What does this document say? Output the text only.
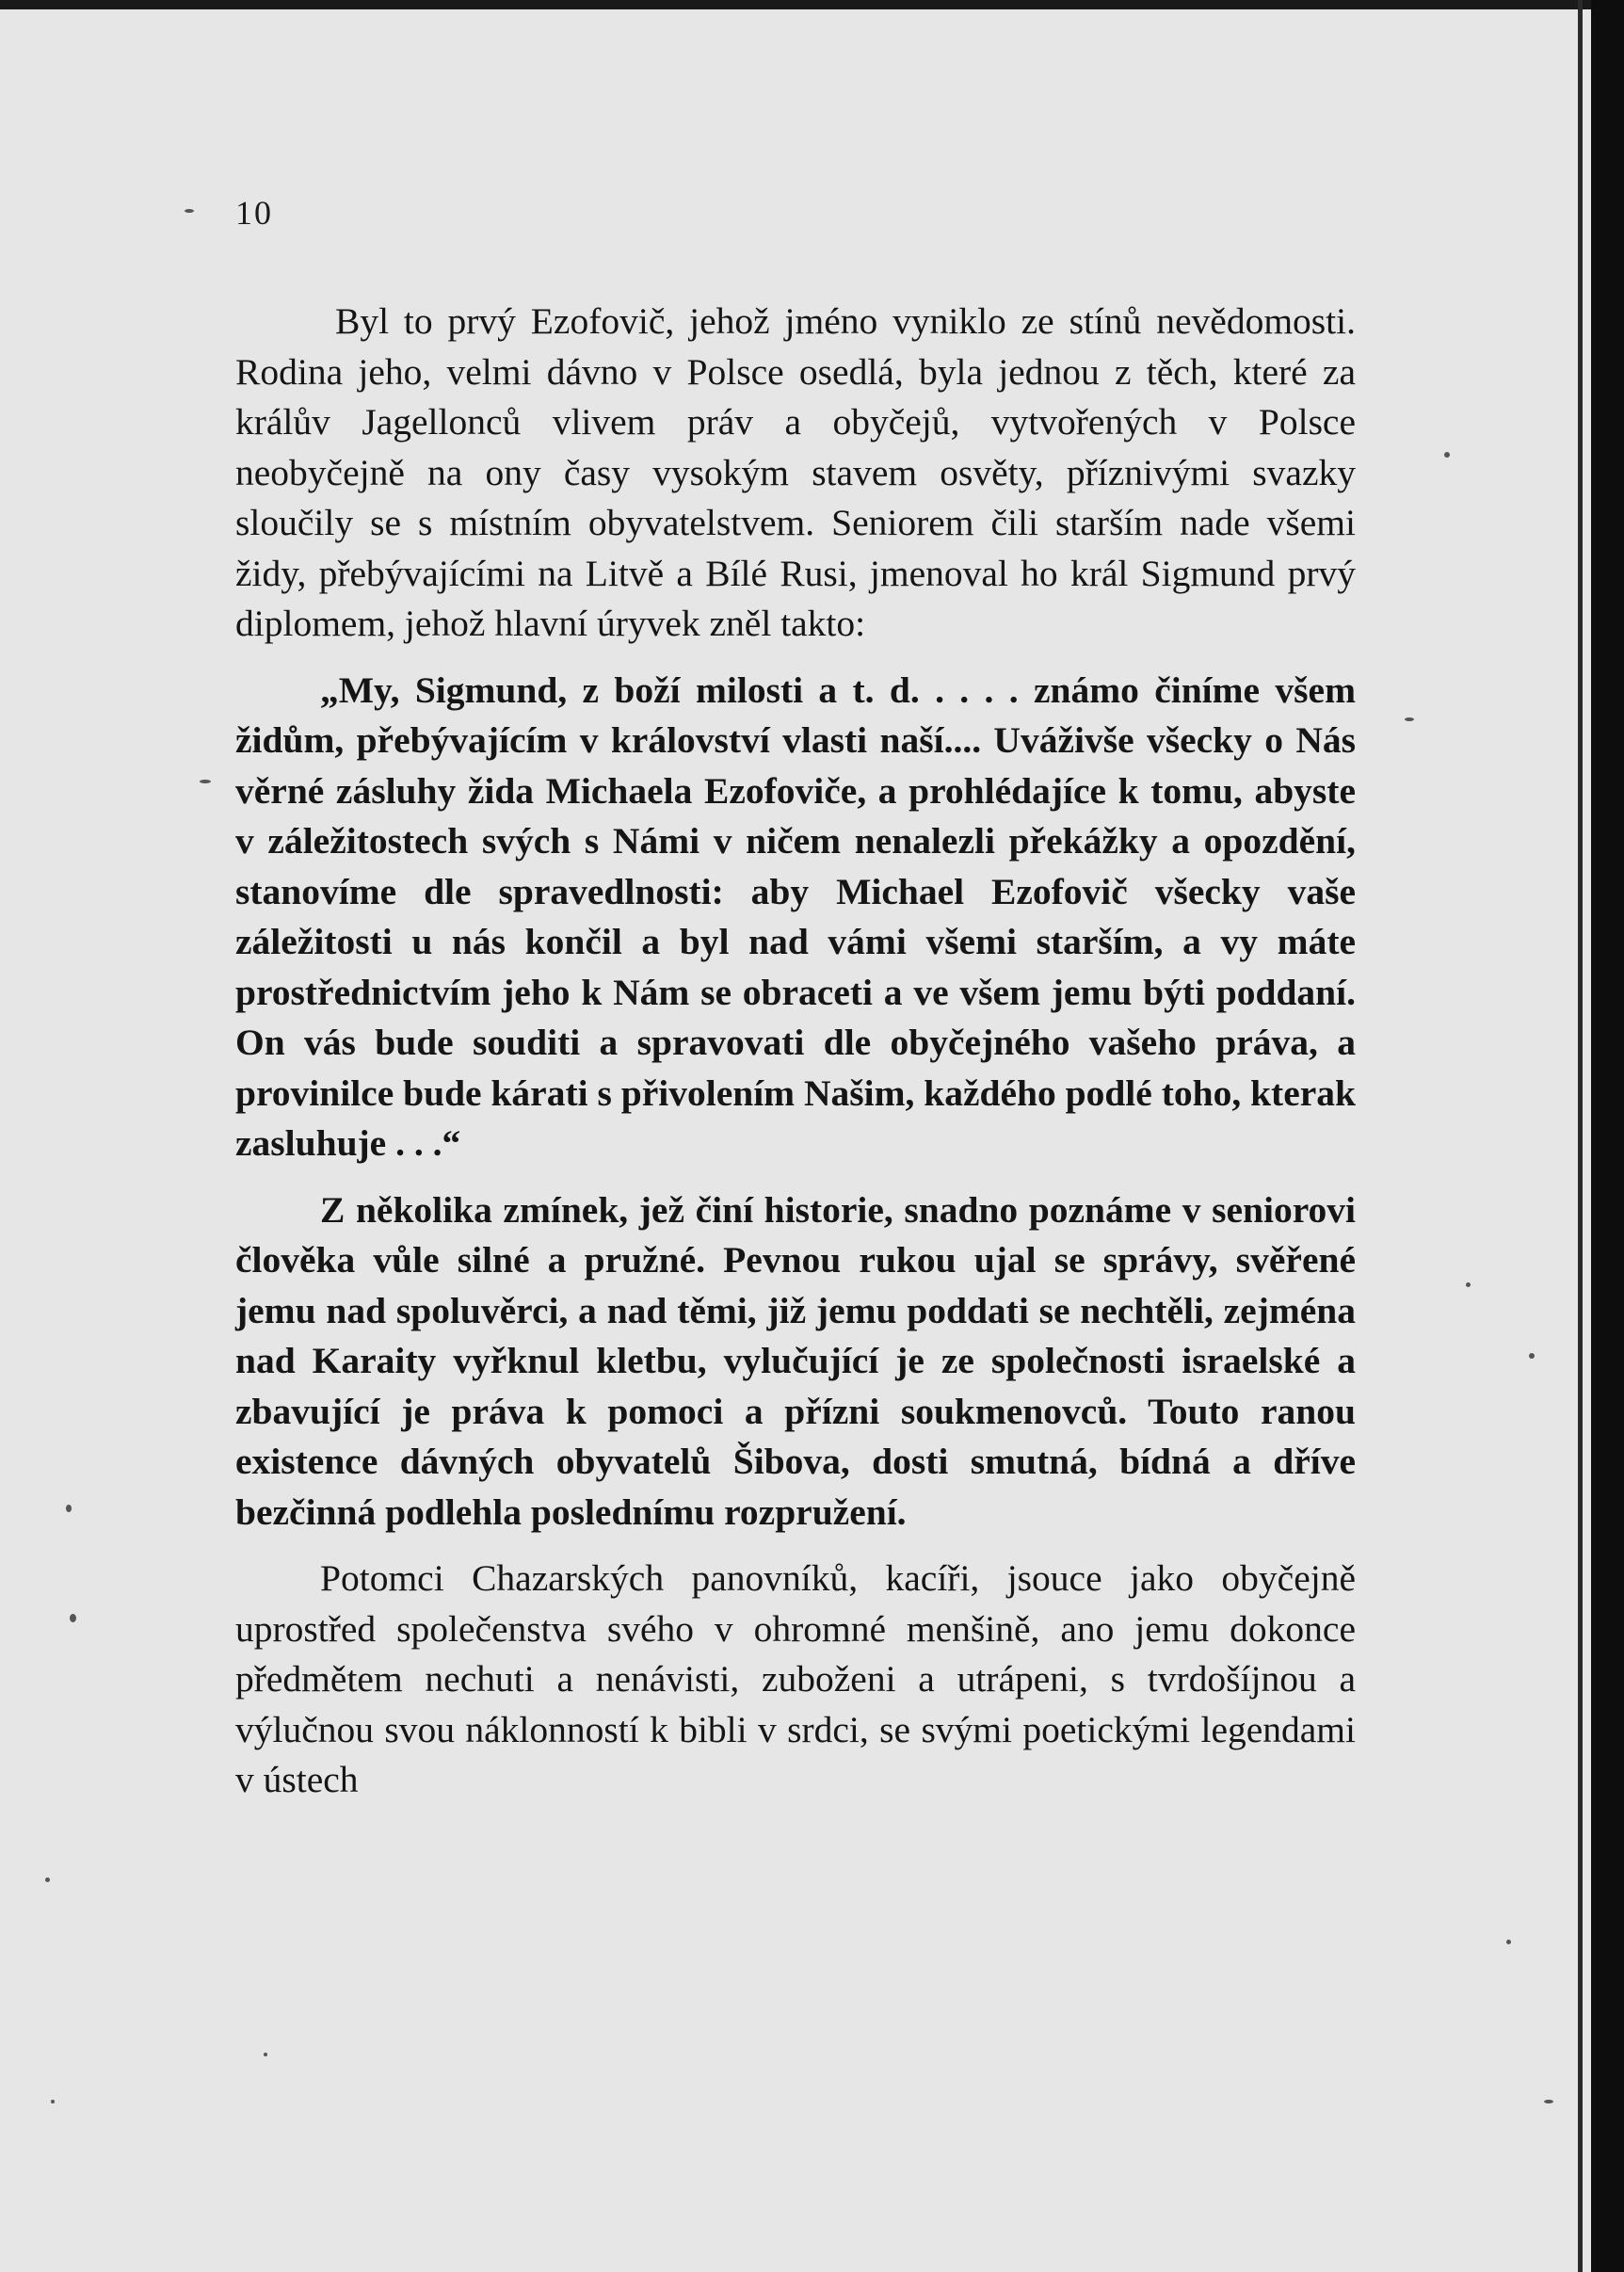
10

Byl to prvý Ezofovič, jehož jméno vyniklo ze stínů nevědomosti. Rodina jeho, velmi dávno v Polsce osedlá, byla jednou z těch, které za králův Jagellonců vlivem práv a obyčejů, vytvořených v Polsce neobyčejně na ony časy vysokým stavem osvěty, příznivými svazky sloučily se s místním obyvatelstvem. Seniorem čili starším nade všemi židy, přebývajícími na Litvě a Bílé Rusi, jmenoval ho král Sigmund prvý diplomem, jehož hlavní úryvek zněl takto:

„My, Sigmund, z boží milosti a t. d. . . . . známo činíme všem židům, přebývajícím v království vlasti naší.... Uváživše všecky o Nás věrné zásluhy žida Michaela Ezofoviče, a prohlédajíce k tomu, abyste v záležitostech svých s Námi v ničem nenalezli překážky a opozdění, stanovíme dle spravedlnosti: aby Michael Ezofovič všecky vaše záležitosti u nás končil a byl nad vámi všemi starším, a vy máte prostřednictvím jeho k Nám se obraceti a ve všem jemu býti poddaní. On vás bude souditi a spravovati dle obyčejného vašeho práva, a provinilce bude kárati s přivolením Našim, každého podlé toho, kterak zasluhuje . . .“

Z několika zmínek, jež činí historie, snadno poznáme v seniorovi člověka vůle silné a pružné. Pevnou rukou ujal se správy, svěřené jemu nad spoluvěrci, a nad těmi, již jemu poddati se nechtěli, zejména nad Karaity vyřknul kletbu, vylučující je ze společnosti israelské a zbavující je práva k pomoci a přízni soukmenovců. Touto ranou existence dávných obyvatelů Šibova, dosti smutná, bídná a dříve bezčinná podlehla poslednímu rozpružení.

Potomci Chazarských panovníků, kacíři, jsouce jako obyčejně uprostřed společenstva svého v ohromné menšině, ano jemu dokonce předmětem nechuti a nenávisti, zuboženi a utrápeni, s tvrdošíjnou a výlučnou svou náklonností k bibli v srdci, se svými poetickými legendami v ústech
